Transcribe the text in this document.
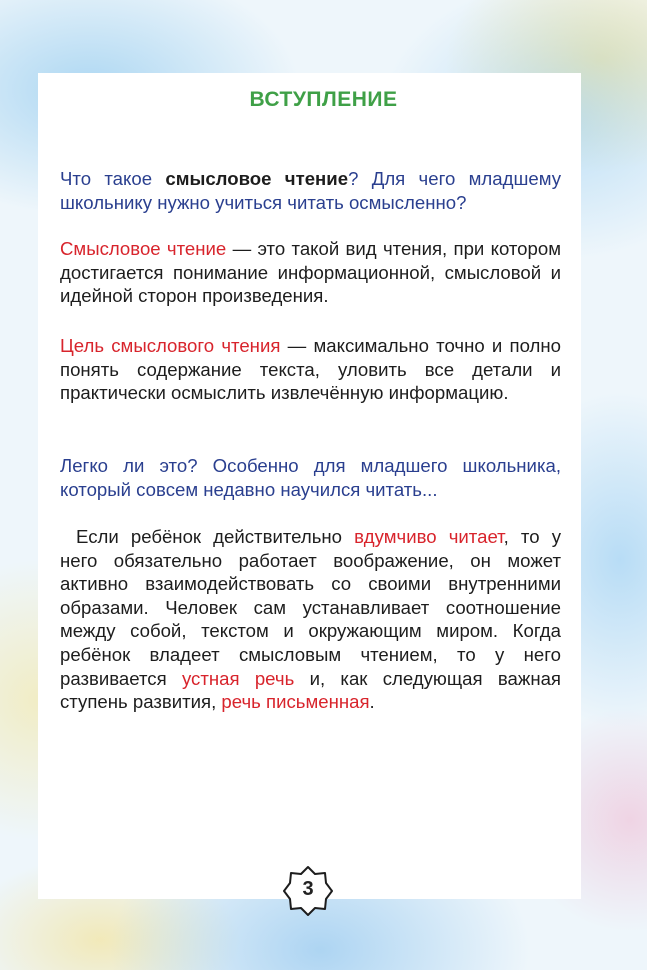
ВСТУПЛЕНИЕ

Что такое смысловое чтение? Для чего младшему школьнику нужно учиться читать осмысленно?

Смысловое чтение — это такой вид чтения, при котором достигается понимание информационной, смысловой и идейной сторон произведения.

Цель смыслового чтения — максимально точно и полно понять содержание текста, уловить все детали и практически осмыслить извлечённую информацию.

Легко ли это? Особенно для младшего школьника, который совсем недавно научился читать...

Если ребёнок действительно вдумчиво читает, то у него обязательно работает воображение, он может активно взаимодействовать со своими внутренними образами. Человек сам устанавливает соотношение между собой, текстом и окружающим миром. Когда ребёнок владеет смысловым чтением, то у него развивается устная речь и, как следующая важная ступень развития, речь письменная.

3
